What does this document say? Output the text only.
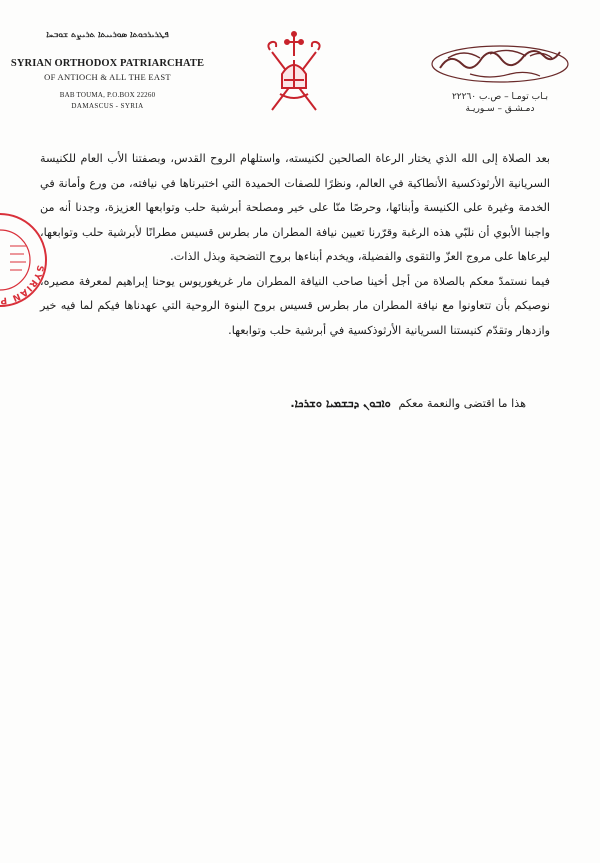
ܦܛܪܝܪܟܘܬܐ ܣܘܪܝܝܬܐ ܬܪܝܨܬ ܫܘܒܚܐ
SYRIAN ORTHODOX PATRIARCHATE
OF ANTIOCH & ALL THE EAST
BAB TOUMA, P.O.BOX 22260
DAMASCUS - SYRIA
بـاب تومـا – ص.ب ٢٢٢٦٠
دمـشـق – سـوريـة
SYRIAN P

بعد الصلاة إلى الله الذي يختار الرعاة الصالحين لكنيسته، واستلهام الروح القدس، وبصفتنا الأب العام للكنيسة السريانية الأرثوذكسية الأنطاكية في العالم، ونظرًا للصفات الحميدة التي اختبرناها في نيافته، من ورع وأمانة في الخدمة وغيرة على الكنيسة وأبنائها، وحرصًا منّا على خير ومصلحة أبرشية حلب وتوابعها العزيزة، وجدنا أنه من واجبنا الأبوي أن نلبّي هذه الرغبة وقرّرنا تعيين نيافة المطران مار بطرس قسيس مطرانًا لأبرشية حلب وتوابعها، ليرعاها على مروج العزّ والتقوى والفضيلة، ويخدم أبناءها بروح التضحية وبذل الذات.

فيما نستمدّ معكم بالصلاة من أجل أخينا صاحب النيافة المطران مار غريغوريوس يوحنا إبراهيم لمعرفة مصيره، نوصيكم بأن تتعاونوا مع نيافة المطران مار بطرس قسيس بروح البنوة الروحية التي عهدناها فيكم لما فيه خير وازدهار وتقدّم كنيستنا السريانية الأرثوذكسية في أبرشية حلب وتوابعها.

هذا ما اقتضى والنعمة معكم ܘܐܒܘܢ ܕܒܫܡܝܐ ܘܫܪܟܐ.
